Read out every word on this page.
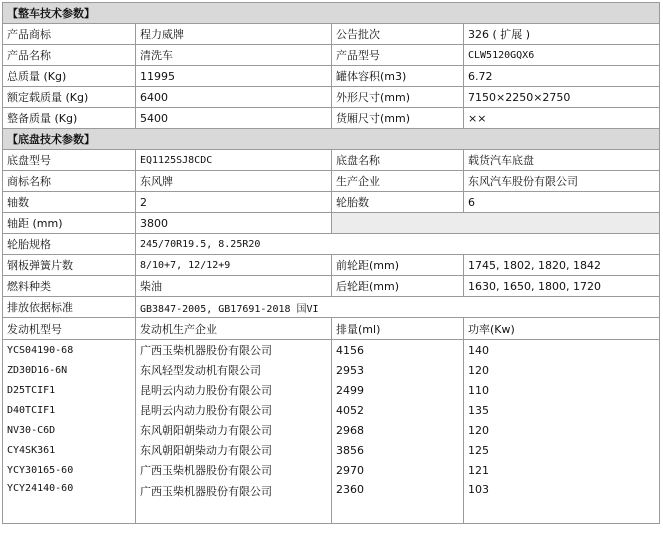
【整车技术参数】			
产品商标	程力威牌	公告批次	326 ( 扩展 )
产品名称	清洗车	产品型号	CLW5120GQX6
总质量 (Kg)	11995	罐体容积(m3)	6.72
额定载质量 (Kg)	6400	外形尺寸(mm)	7150×2250×2750
整备质量 (Kg)	5400	货厢尺寸(mm)	××
【底盘技术参数】			
底盘型号	EQ1125SJ8CDC	底盘名称	载货汽车底盘
商标名称	东风牌	生产企业	东风汽车股份有限公司
轴数	2	轮胎数	6
轴距 (mm)	3800		
轮胎规格	245/70R19.5, 8.25R20		
钢板弹簧片数	8/10+7, 12/12+9	前轮距(mm)	1745, 1802, 1820, 1842
燃料种类	柴油	后轮距(mm)	1630, 1650, 1800, 1720
排放依据标准	GB3847-2005, GB17691-2018 国VI		
发动机型号	发动机生产企业	排量(ml)	功率(Kw)
YCS04190-68	广西玉柴机器股份有限公司	4156	140
ZD30D16-6N	东风轻型发动机有限公司	2953	120
D25TCIF1	昆明云内动力股份有限公司	2499	110
D40TCIF1	昆明云内动力股份有限公司	4052	135
NV30-C6D	东风朝阳朝柴动力有限公司	2968	120
CY4SK361	东风朝阳朝柴动力有限公司	3856	125
YCY30165-60	广西玉柴机器股份有限公司	2970	121
YCY24140-60	广西玉柴机器股份有限公司	2360	103
